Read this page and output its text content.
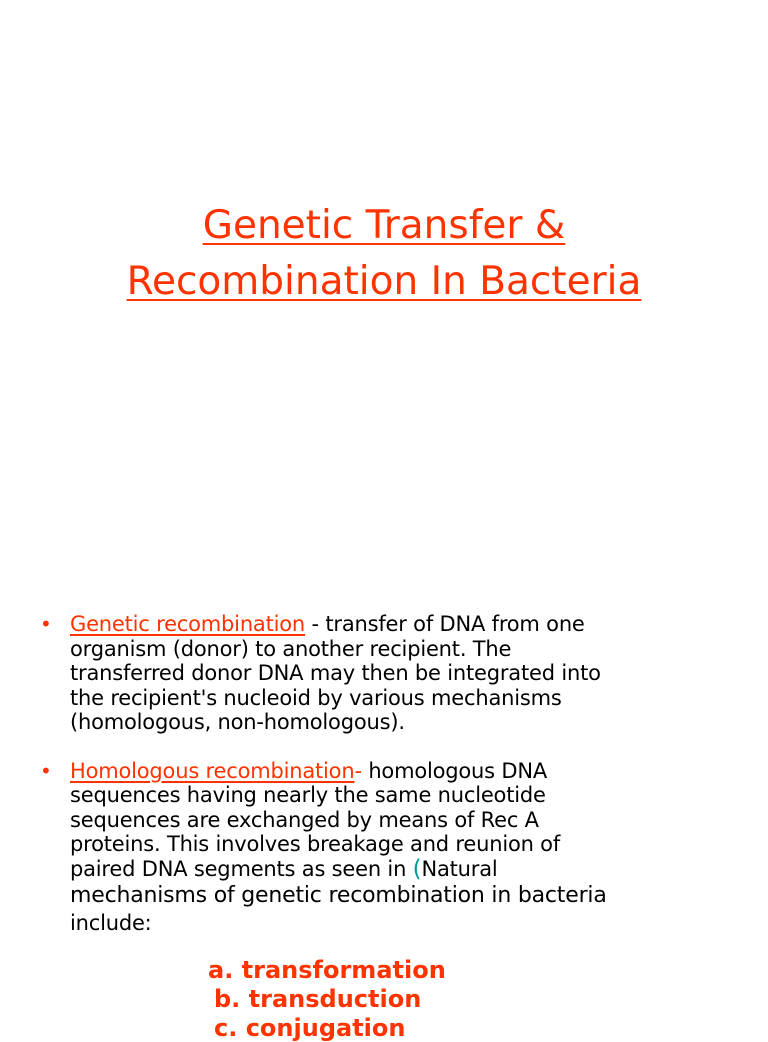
Genetic Transfer &
Recombination In Bacteria
• Genetic recombination - transfer of DNA from one
organism (donor) to another recipient. The
transferred donor DNA may then be integrated into
the recipient's nucleoid by various mechanisms
(homologous, non-homologous).
• Homologous recombination- homologous DNA
sequences having nearly the same nucleotide
sequences are exchanged by means of Rec A
proteins. This involves breakage and reunion of
paired DNA segments as seen in (Natural
mechanisms of genetic recombination in bacteria
include:
a. transformation
b. transduction
c. conjugation
